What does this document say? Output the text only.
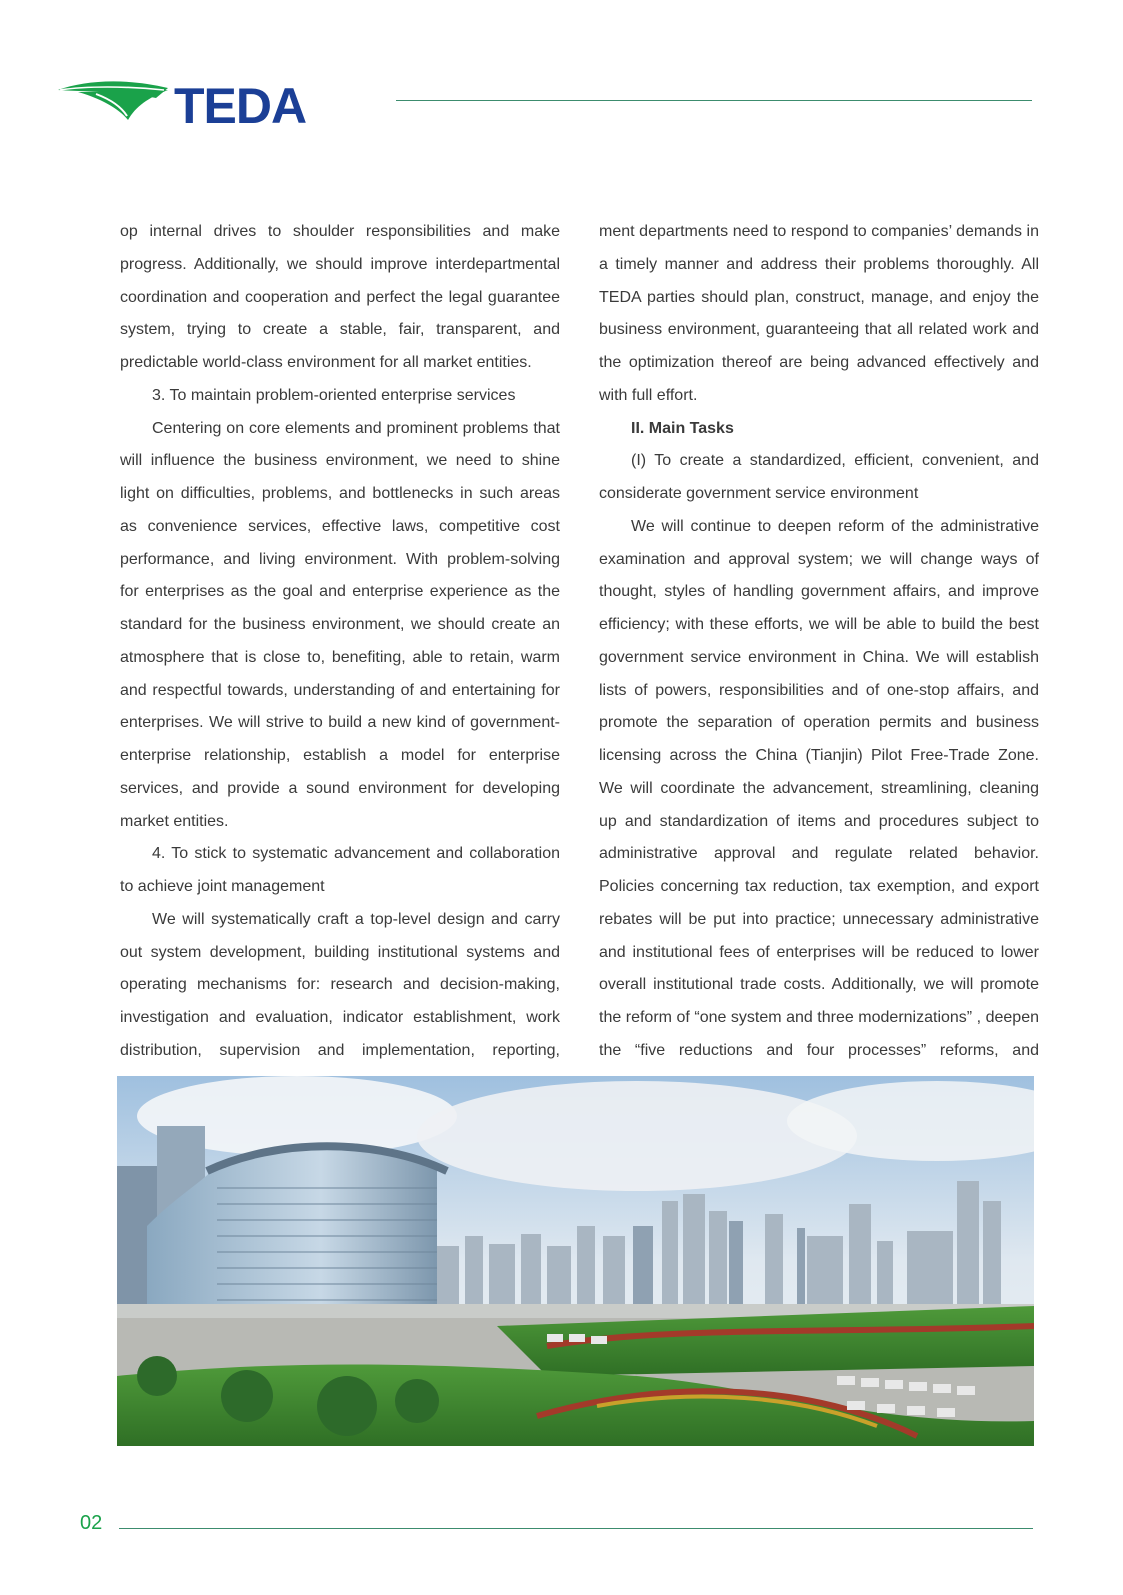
TEDA

op internal drives to shoulder responsibilities and make progress. Additionally, we should improve interdepartmental coordination and cooperation and perfect the legal guarantee system, trying to create a stable, fair, transparent, and predictable world-class environment for all market entities.

3. To maintain problem-oriented enterprise services

Centering on core elements and prominent problems that will influence the business environment, we need to shine light on difficulties, problems, and bottlenecks in such areas as convenience services, effective laws, competitive cost performance, and living environment. With problem-solving for enterprises as the goal and enterprise experience as the standard for the business environment, we should create an atmosphere that is close to, benefiting, able to retain, warm and respectful towards, understanding of and entertaining for enterprises. We will strive to build a new kind of government-enterprise relationship, establish a model for enterprise services, and provide a sound environment for developing market entities.

4. To stick to systematic advancement and collaboration to achieve joint management

We will systematically craft a top-level design and carry out system development, building institutional systems and operating mechanisms for: research and decision-making, investigation and evaluation, indicator establishment, work distribution, supervision and implementation, reporting,

ment departments need to respond to companies’ demands in a timely manner and address their problems thoroughly. All TEDA parties should plan, construct, manage, and enjoy the business environment, guaranteeing that all related work and the optimization thereof are being advanced effectively and with full effort.

II. Main Tasks

(I) To create a standardized, efficient, convenient, and considerate government service environment

We will continue to deepen reform of the administrative examination and approval system; we will change ways of thought, styles of handling government affairs, and improve efficiency; with these efforts, we will be able to build the best government service environment in China. We will establish lists of powers, responsibilities and of one-stop affairs, and promote the separation of operation permits and business licensing across the China (Tianjin) Pilot Free-Trade Zone. We will coordinate the advancement, streamlining, cleaning up and standardization of items and procedures subject to administrative approval and regulate related behavior. Policies concerning tax reduction, tax exemption, and export rebates will be put into practice; unnecessary administrative and institutional fees of enterprises will be reduced to lower overall institutional trade costs. Additionally, we will promote the reform of “one system and three modernizations” , deepen the “five reductions and four processes” reforms, and

02
